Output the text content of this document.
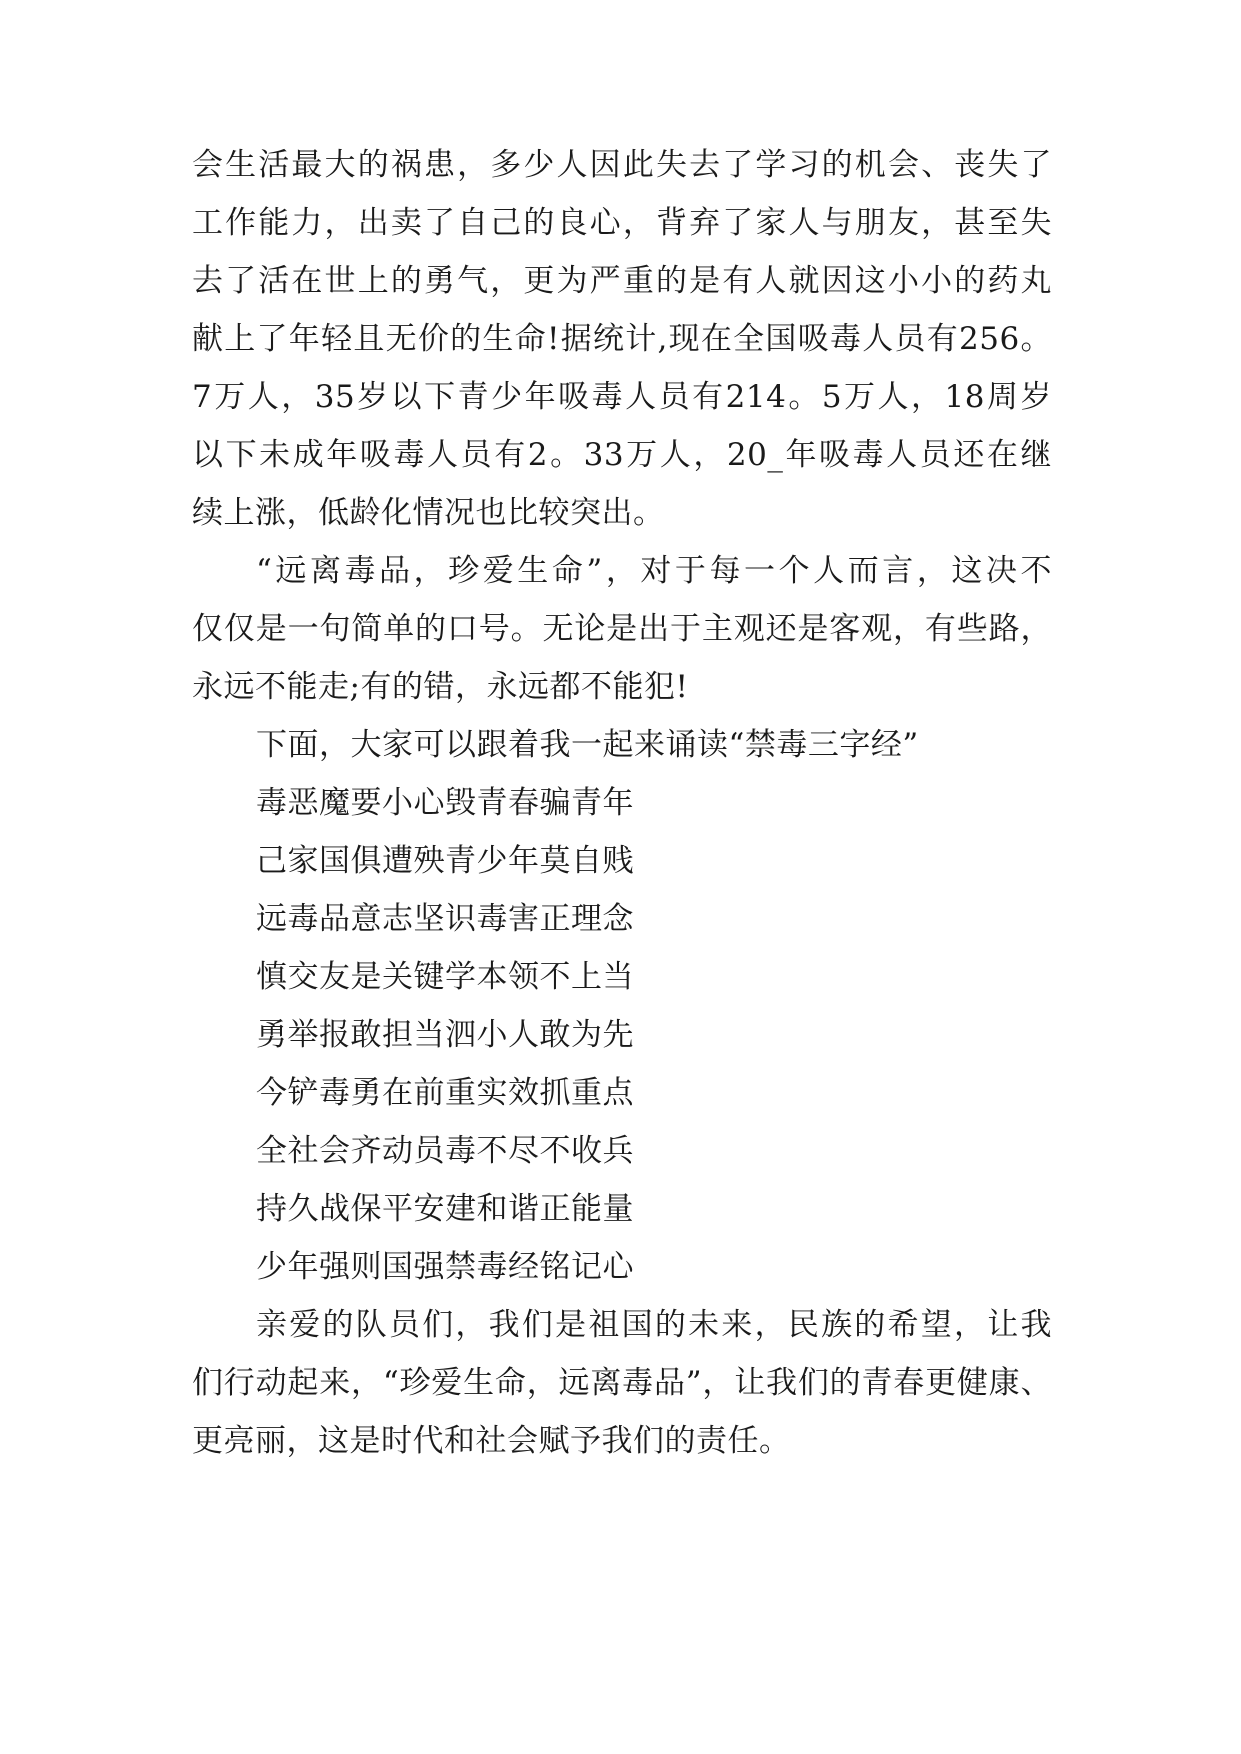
会生活最大的祸患，多少人因此失去了学习的机会、丧失了
工作能力，出卖了自己的良心，背弃了家人与朋友，甚至失
去了活在世上的勇气，更为严重的是有人就因这小小的药丸
献上了年轻且无价的生命!据统计,现在全国吸毒人员有256。
7万人，35岁以下青少年吸毒人员有214。5万人，18周岁
以下未成年吸毒人员有2。33万人，20_年吸毒人员还在继
续上涨，低龄化情况也比较突出。
“远离毒品，珍爱生命”，对于每一个人而言，这决不
仅仅是一句简单的口号。无论是出于主观还是客观，有些路，
永远不能走;有的错，永远都不能犯!
下面，大家可以跟着我一起来诵读“禁毒三字经”
毒恶魔要小心毁青春骗青年
己家国俱遭殃青少年莫自贱
远毒品意志坚识毒害正理念
慎交友是关键学本领不上当
勇举报敢担当泗小人敢为先
今铲毒勇在前重实效抓重点
全社会齐动员毒不尽不收兵
持久战保平安建和谐正能量
少年强则国强禁毒经铭记心
亲爱的队员们，我们是祖国的未来，民族的希望，让我
们行动起来，“珍爱生命，远离毒品”，让我们的青春更健康、
更亮丽，这是时代和社会赋予我们的责任。
